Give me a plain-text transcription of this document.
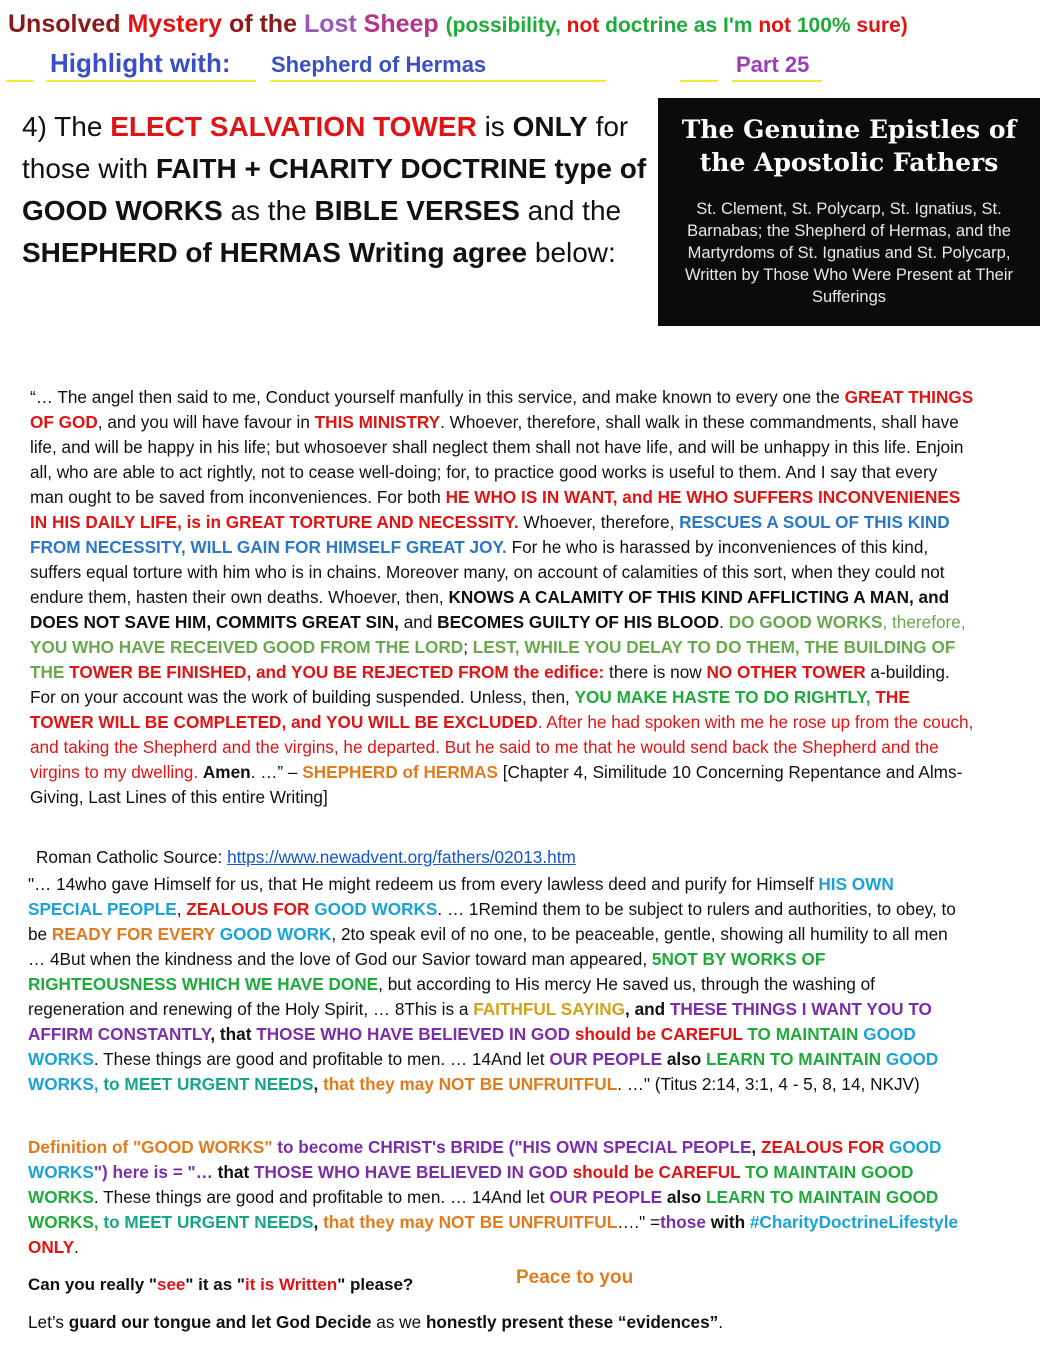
Unsolved Mystery of the Lost Sheep (possibility, not doctrine as I'm not 100% sure)
Highlight with: Shepherd of Hermas	Part 25
4) The ELECT SALVATION TOWER is ONLY for those with FAITH + CHARITY DOCTRINE type of GOOD WORKS as the BIBLE VERSES and the SHEPHERD of HERMAS Writing agree below:
The Genuine Epistles of the Apostolic Fathers
St. Clement, St. Polycarp, St. Ignatius, St. Barnabas; the Shepherd of Hermas, and the Martyrdoms of St. Ignatius and St. Polycarp, Written by Those Who Were Present at Their Sufferings
“… The angel then said to me, Conduct yourself manfully in this service, and make known to every one the GREAT THINGS OF GOD, and you will have favour in THIS MINISTRY. Whoever, therefore, shall walk in these commandments, shall have life, and will be happy in his life; but whosoever shall neglect them shall not have life, and will be unhappy in this life. Enjoin all, who are able to act rightly, not to cease well-doing; for, to practice good works is useful to them. And I say that every man ought to be saved from inconveniences. For both HE WHO IS IN WANT, and HE WHO SUFFERS INCONVENIENES IN HIS DAILY LIFE, is in GREAT TORTURE AND NECESSITY. Whoever, therefore, RESCUES A SOUL OF THIS KIND FROM NECESSITY, WILL GAIN FOR HIMSELF GREAT JOY. For he who is harassed by inconveniences of this kind, suffers equal torture with him who is in chains. Moreover many, on account of calamities of this sort, when they could not endure them, hasten their own deaths. Whoever, then, KNOWS A CALAMITY OF THIS KIND AFFLICTING A MAN, and DOES NOT SAVE HIM, COMMITS GREAT SIN, and BECOMES GUILTY OF HIS BLOOD. DO GOOD WORKS, therefore, YOU WHO HAVE RECEIVED GOOD FROM THE LORD; LEST, WHILE YOU DELAY TO DO THEM, THE BUILDING OF THE TOWER BE FINISHED, and YOU BE REJECTED FROM the edifice: there is now NO OTHER TOWER a-building. For on your account was the work of building suspended. Unless, then, YOU MAKE HASTE TO DO RIGHTLY, THE TOWER WILL BE COMPLETED, and YOU WILL BE EXCLUDED. After he had spoken with me he rose up from the couch, and taking the Shepherd and the virgins, he departed. But he said to me that he would send back the Shepherd and the virgins to my dwelling. Amen. …” – SHEPHERD of HERMAS [Chapter 4, Similitude 10 Concerning Repentance and Alms-Giving, Last Lines of this entire Writing]
Roman Catholic Source: https://www.newadvent.org/fathers/02013.htm
"… 14who gave Himself for us, that He might redeem us from every lawless deed and purify for Himself HIS OWN SPECIAL PEOPLE, ZEALOUS FOR GOOD WORKS. … 1Remind them to be subject to rulers and authorities, to obey, to be READY FOR EVERY GOOD WORK, 2to speak evil of no one, to be peaceable, gentle, showing all humility to all men … 4But when the kindness and the love of God our Savior toward man appeared, 5NOT BY WORKS OF RIGHTEOUSNESS WHICH WE HAVE DONE, but according to His mercy He saved us, through the washing of regeneration and renewing of the Holy Spirit, … 8This is a FAITHFUL SAYING, and THESE THINGS I WANT YOU TO AFFIRM CONSTANTLY, that THOSE WHO HAVE BELIEVED IN GOD should be CAREFUL TO MAINTAIN GOOD WORKS. These things are good and profitable to men. … 14And let OUR PEOPLE also LEARN TO MAINTAIN GOOD WORKS, to MEET URGENT NEEDS, that they may NOT BE UNFRUITFUL. …" (Titus 2:14, 3:1, 4 - 5, 8, 14, NKJV)
Definition of "GOOD WORKS" to become CHRIST's BRIDE ("HIS OWN SPECIAL PEOPLE, ZEALOUS FOR GOOD WORKS") here is = "… that THOSE WHO HAVE BELIEVED IN GOD should be CAREFUL TO MAINTAIN GOOD WORKS. These things are good and profitable to men. … 14And let OUR PEOPLE also LEARN TO MAINTAIN GOOD WORKS, to MEET URGENT NEEDS, that they may NOT BE UNFRUITFUL…." =those with #CharityDoctrineLifestyle ONLY.
Can you really "see" it as "it is Written" please?	Peace to you
Let’s guard our tongue and let God Decide as we honestly present these “evidences”.
